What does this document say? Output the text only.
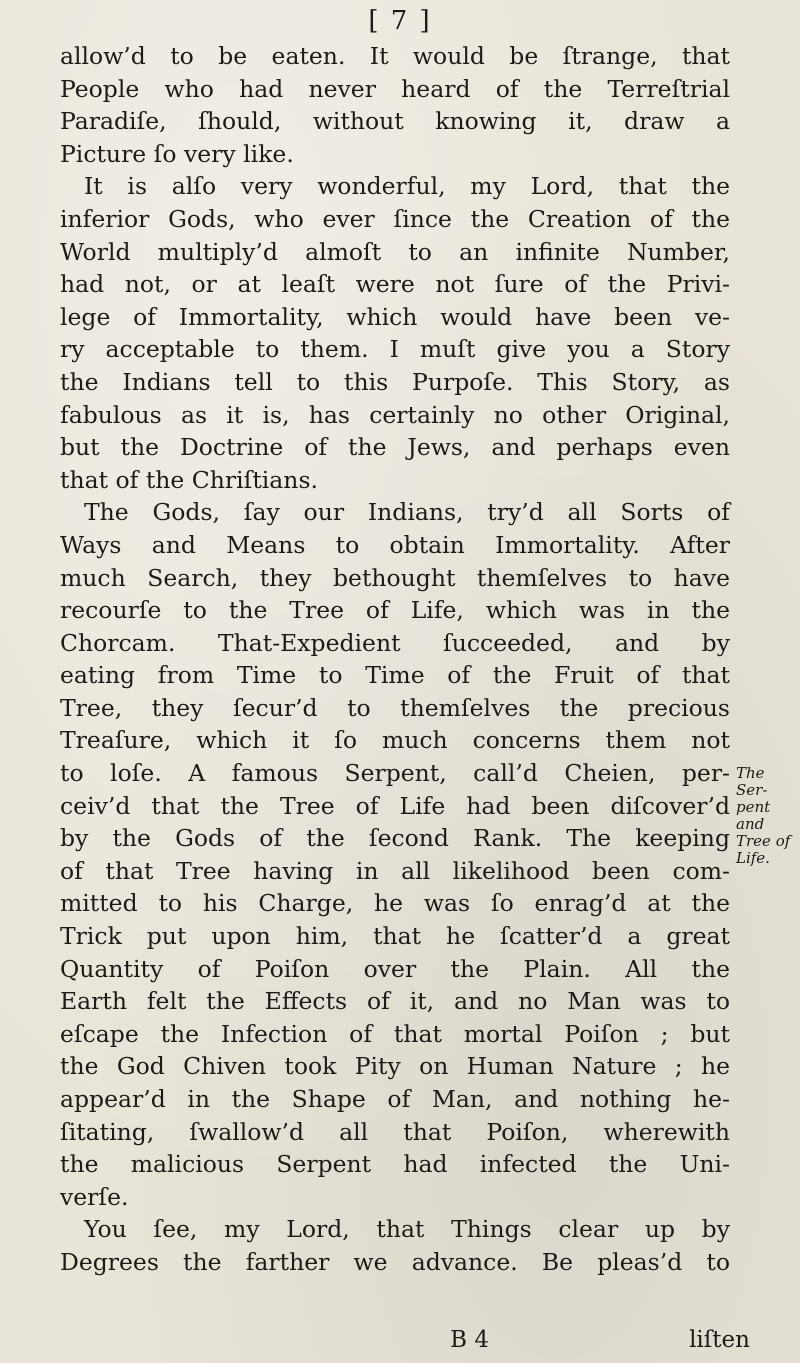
[ 7 ]
allow’d to be eaten. It would be ſtrange, that
People who had never heard of the Terreſtrial
Paradiſe, ſhould, without knowing it, draw a
Picture ſo very like.
It is alſo very wonderful, my Lord, that the
inferior Gods, who ever ſince the Creation of the
World multiply’d almoſt to an infinite Number,
had not, or at leaſt were not ſure of the Privi-
lege of Immortality, which would have been ve-
ry acceptable to them. I muſt give you a Story
the Indians tell to this Purpoſe. This Story, as
fabulous as it is, has certainly no other Original,
but the Doctrine of the Jews, and perhaps even
that of the Chriſtians.
The Gods, ſay our Indians, try’d all Sorts of
Ways and Means to obtain Immortality. After
much Search, they bethought themſelves to have
recourſe to the Tree of Life, which was in the
Chorcam. That-Expedient ſucceeded, and by
eating from Time to Time of the Fruit of that
Tree, they ſecur’d to themſelves the precious
Treaſure, which it ſo much concerns them not
to loſe. A famous Serpent, call’d Cheien, per-
ceiv’d that the Tree of Life had been diſcover’d
by the Gods of the ſecond Rank. The keeping
of that Tree having in all likelihood been com-
mitted to his Charge, he was ſo enrag’d at the
Trick put upon him, that he ſcatter’d a great
Quantity of Poiſon over the Plain. All the
Earth felt the Effects of it, and no Man was to
eſcape the Infection of that mortal Poiſon ; but
the God Chiven took Pity on Human Nature ; he
appear’d in the Shape of Man, and nothing he-
ſitating, ſwallow’d all that Poiſon, wherewith
the malicious Serpent had infected the Uni-
verſe.
You ſee, my Lord, that Things clear up by
Degrees the farther we advance. Be pleas’d to
The Ser-
pent and
Tree of
Life.
B 4	liſten
